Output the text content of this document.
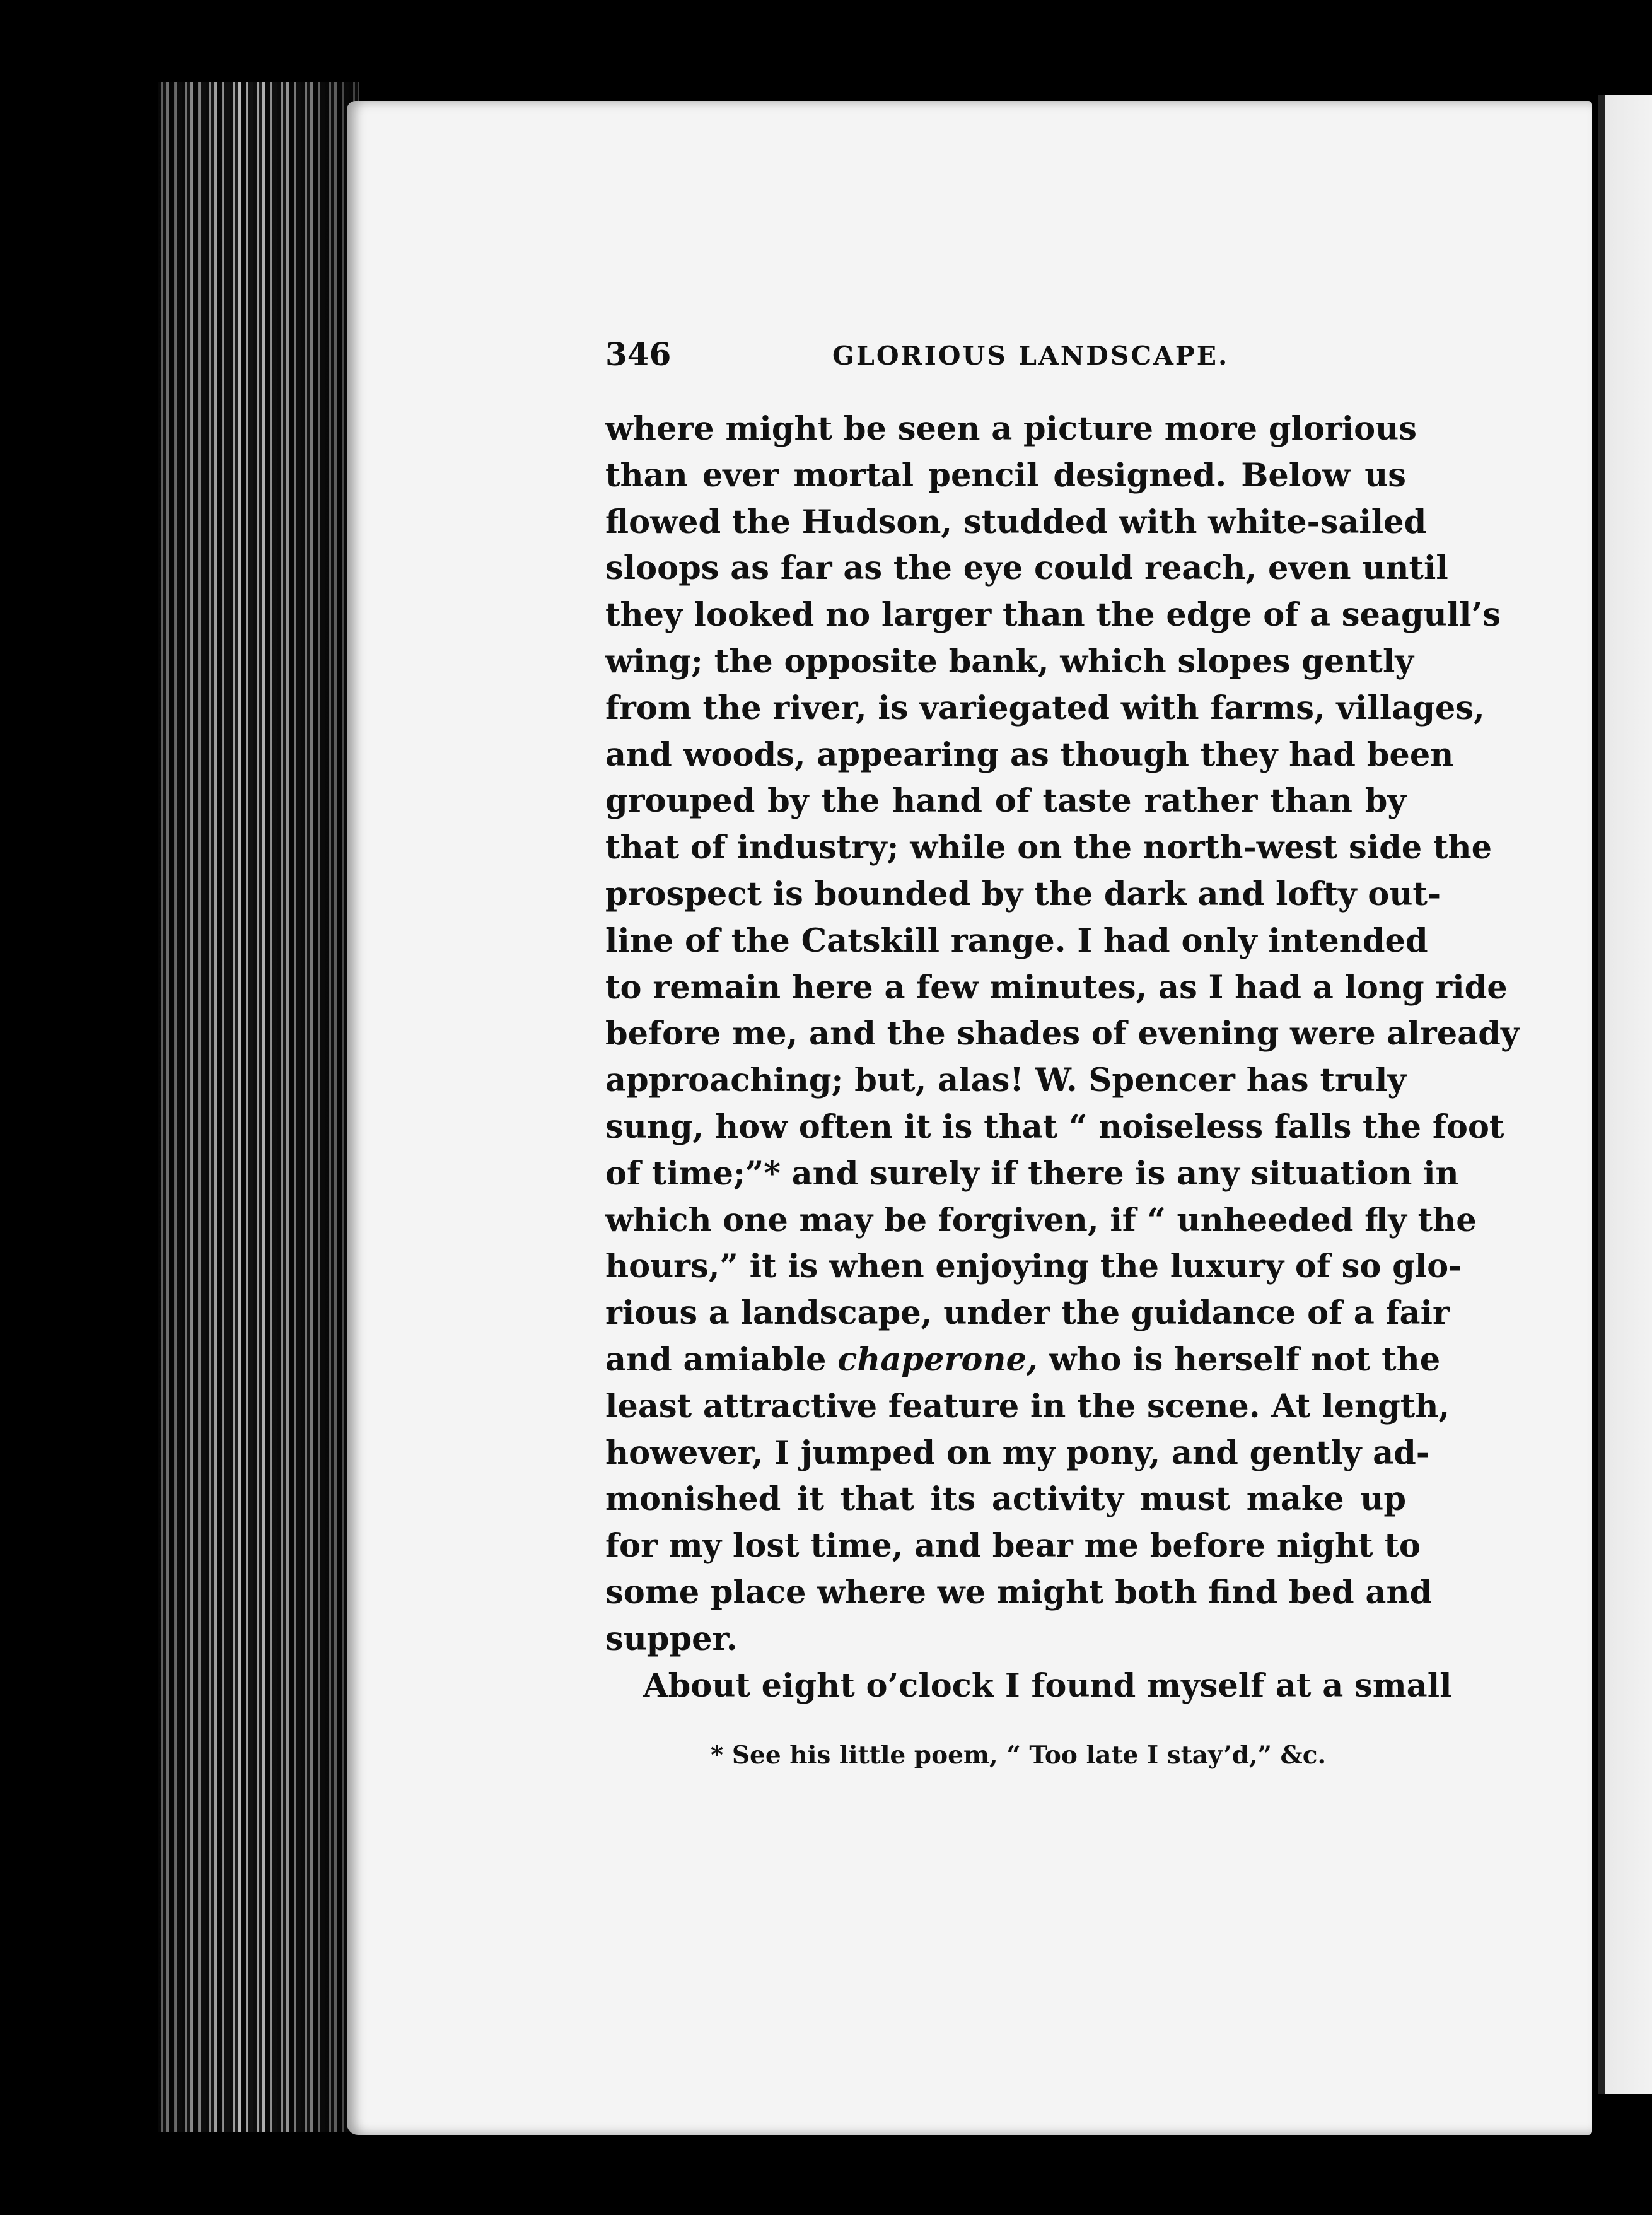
346	GLORIOUS LANDSCAPE.
where might be seen a picture more glorious
than ever mortal pencil designed. Below us
flowed the Hudson, studded with white-sailed
sloops as far as the eye could reach, even until
they looked no larger than the edge of a seagull’s
wing; the opposite bank, which slopes gently
from the river, is variegated with farms, villages,
and woods, appearing as though they had been
grouped by the hand of taste rather than by
that of industry; while on the north-west side the
prospect is bounded by the dark and lofty out-
line of the Catskill range. I had only intended
to remain here a few minutes, as I had a long ride
before me, and the shades of evening were already
approaching; but, alas! W. Spencer has truly
sung, how often it is that “ noiseless falls the foot
of time;”* and surely if there is any situation in
which one may be forgiven, if “ unheeded fly the
hours,” it is when enjoying the luxury of so glo-
rious a landscape, under the guidance of a fair
and amiable chaperone, who is herself not the
least attractive feature in the scene. At length,
however, I jumped on my pony, and gently ad-
monished it that its activity must make up
for my lost time, and bear me before night to
some place where we might both find bed and
supper.
About eight o’clock I found myself at a small
* See his little poem, “ Too late I stay’d,” &c.
